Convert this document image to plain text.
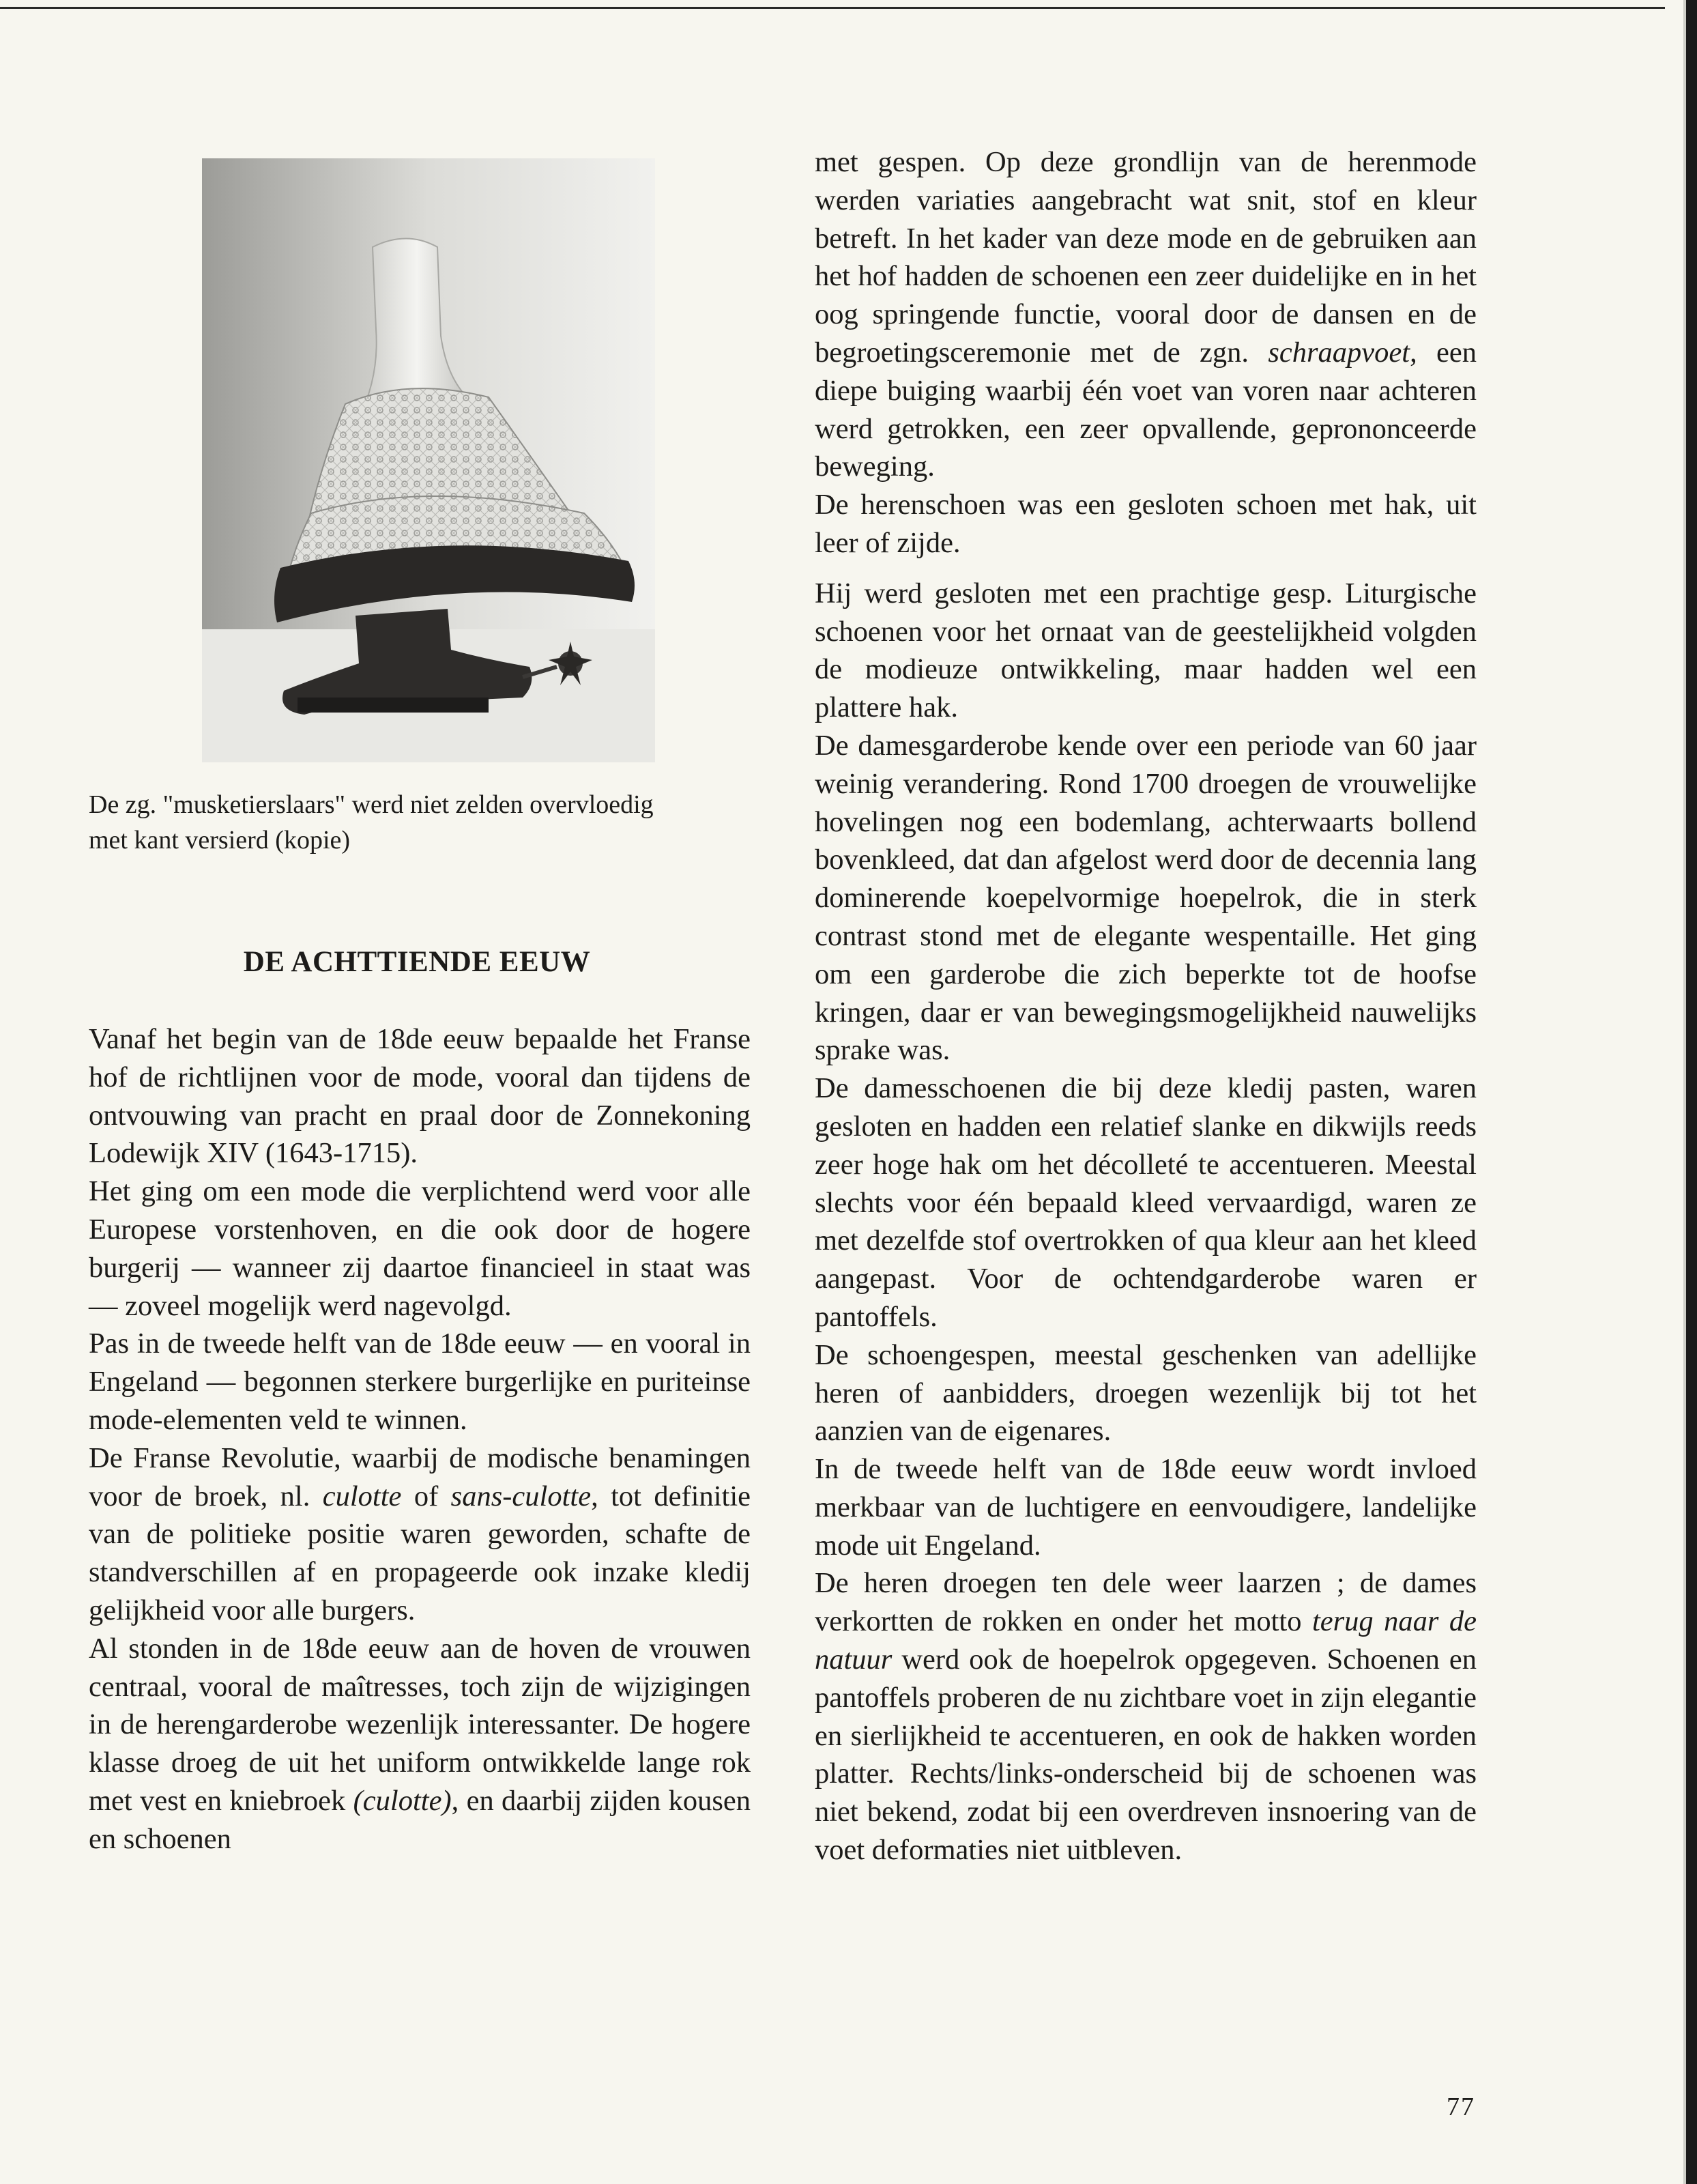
De zg. "musketierslaars" werd niet zelden overvloedig

met kant versierd (kopie)

DE ACHTTIENDE EEUW

Vanaf het begin van de 18de eeuw bepaalde het Franse hof de richtlijnen voor de mode, vooral dan tijdens de ontvouwing van pracht en praal door de Zonnekoning Lodewijk XIV (1643-1715).

Het ging om een mode die verplichtend werd voor alle Europese vorstenhoven, en die ook door de hogere burgerij — wanneer zij daartoe financieel in staat was — zoveel mogelijk werd nagevolgd.

Pas in de tweede helft van de 18de eeuw — en vooral in Engeland — begonnen sterkere burgerlijke en puriteinse mode-elementen veld te winnen.

De Franse Revolutie, waarbij de modische benamingen voor de broek, nl. culotte of sans-culotte, tot definitie van de politieke positie waren geworden, schafte de standverschillen af en propageerde ook inzake kledij gelijkheid voor alle burgers.

Al stonden in de 18de eeuw aan de hoven de vrouwen centraal, vooral de maîtresses, toch zijn de wijzigingen in de herengarderobe wezenlijk interessanter. De hogere klasse droeg de uit het uniform ontwikkelde lange rok met vest en kniebroek (culotte), en daarbij zijden kousen en schoenen

met gespen. Op deze grondlijn van de herenmode werden variaties aangebracht wat snit, stof en kleur betreft. In het kader van deze mode en de gebruiken aan het hof hadden de schoenen een zeer duidelijke en in het oog springende functie, vooral door de dansen en de begroetingsceremonie met de zgn. schraapvoet, een diepe buiging waarbij één voet van voren naar achteren werd getrokken, een zeer opvallende, geprononceerde beweging.

De herenschoen was een gesloten schoen met hak, uit leer of zijde.

Hij werd gesloten met een prachtige gesp. Liturgische schoenen voor het ornaat van de geestelijkheid volgden de modieuze ontwikkeling, maar hadden wel een plattere hak.

De damesgarderobe kende over een periode van 60 jaar weinig verandering. Rond 1700 droegen de vrouwelijke hovelingen nog een bodemlang, achterwaarts bollend bovenkleed, dat dan afgelost werd door de decennia lang dominerende koepelvormige hoepelrok, die in sterk contrast stond met de elegante wespentaille. Het ging om een garderobe die zich beperkte tot de hoofse kringen, daar er van bewegingsmogelijkheid nauwelijks sprake was.

De damesschoenen die bij deze kledij pasten, waren gesloten en hadden een relatief slanke en dikwijls reeds zeer hoge hak om het décolleté te accentueren. Meestal slechts voor één bepaald kleed vervaardigd, waren ze met dezelfde stof overtrokken of qua kleur aan het kleed aangepast. Voor de ochtendgarderobe waren er pantoffels.

De schoengespen, meestal geschenken van adellijke heren of aanbidders, droegen wezenlijk bij tot het aanzien van de eigenares.

In de tweede helft van de 18de eeuw wordt invloed merkbaar van de luchtigere en eenvoudigere, landelijke mode uit Engeland.

De heren droegen ten dele weer laarzen ; de dames verkortten de rokken en onder het motto terug naar de natuur werd ook de hoepelrok opgegeven. Schoenen en pantoffels proberen de nu zichtbare voet in zijn elegantie en sierlijkheid te accentueren, en ook de hakken worden platter. Rechts/links-onderscheid bij de schoenen was niet bekend, zodat bij een overdreven insnoering van de voet deformaties niet uitbleven.

77
